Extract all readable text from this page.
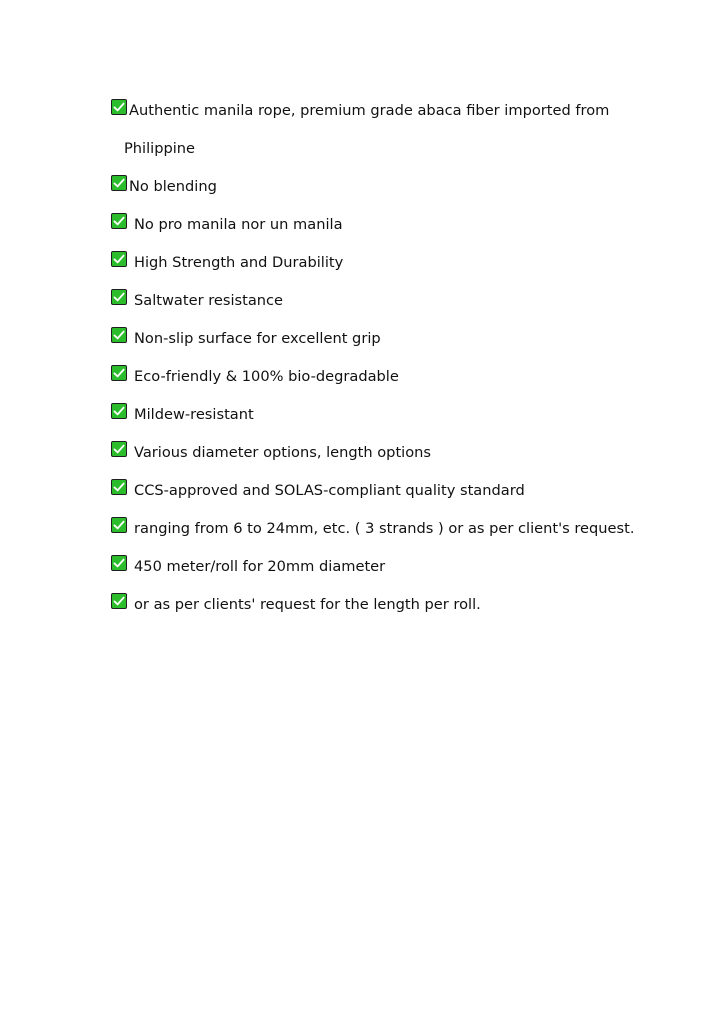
Authentic manila rope, premium grade abaca fiber imported from
Philippine
No blending
No pro manila nor un manila
High Strength and Durability
Saltwater resistance
Non-slip surface for excellent grip
Eco-friendly & 100% bio-degradable
Mildew-resistant
Various diameter options, length options
CCS-approved and SOLAS-compliant quality standard
ranging from 6 to 24mm, etc. ( 3 strands ) or as per client's request.
450 meter/roll for 20mm diameter
or as per clients' request for the length per roll.
